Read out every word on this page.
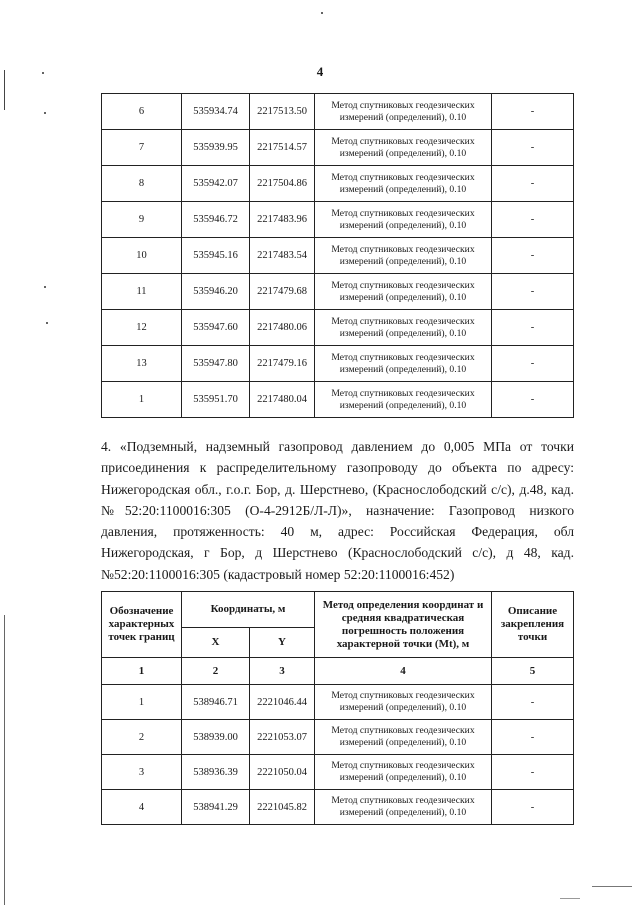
4
6	535934.74	2217513.50	Метод спутниковых геодезических измерений (определений), 0.10	-
7	535939.95	2217514.57	Метод спутниковых геодезических измерений (определений), 0.10	-
8	535942.07	2217504.86	Метод спутниковых геодезических измерений (определений), 0.10	-
9	535946.72	2217483.96	Метод спутниковых геодезических измерений (определений), 0.10	-
10	535945.16	2217483.54	Метод спутниковых геодезических измерений (определений), 0.10	-
11	535946.20	2217479.68	Метод спутниковых геодезических измерений (определений), 0.10	-
12	535947.60	2217480.06	Метод спутниковых геодезических измерений (определений), 0.10	-
13	535947.80	2217479.16	Метод спутниковых геодезических измерений (определений), 0.10	-
1	535951.70	2217480.04	Метод спутниковых геодезических измерений (определений), 0.10	-
4. «Подземный, надземный газопровод давлением до 0,005 МПа от точки присоединения к распределительному газопроводу до объекта по адресу: Нижегородская обл., г.о.г. Бор, д. Шерстнево, (Краснослободский с/с), д.48, кад.№52:20:1100016:305 (О-4-2912Б/Л-Л)», назначение: Газопровод низкого давления, протяженность: 40 м, адрес: Российская Федерация, обл Нижегородская, г Бор, д Шерстнево (Краснослободский с/с), д 48, кад.№52:20:1100016:305 (кадастровый номер 52:20:1100016:452)
Обозначение характерных точек границ	Координаты, м		Метод определения координат и средняя квадратическая погрешность положения характерной точки (Mt), м	Описание закрепления точки
	X	Y		
1	2	3	4	5
1	538946.71	2221046.44	Метод спутниковых геодезических измерений (определений), 0.10	-
2	538939.00	2221053.07	Метод спутниковых геодезических измерений (определений), 0.10	-
3	538936.39	2221050.04	Метод спутниковых геодезических измерений (определений), 0.10	-
4	538941.29	2221045.82	Метод спутниковых геодезических измерений (определений), 0.10	-
